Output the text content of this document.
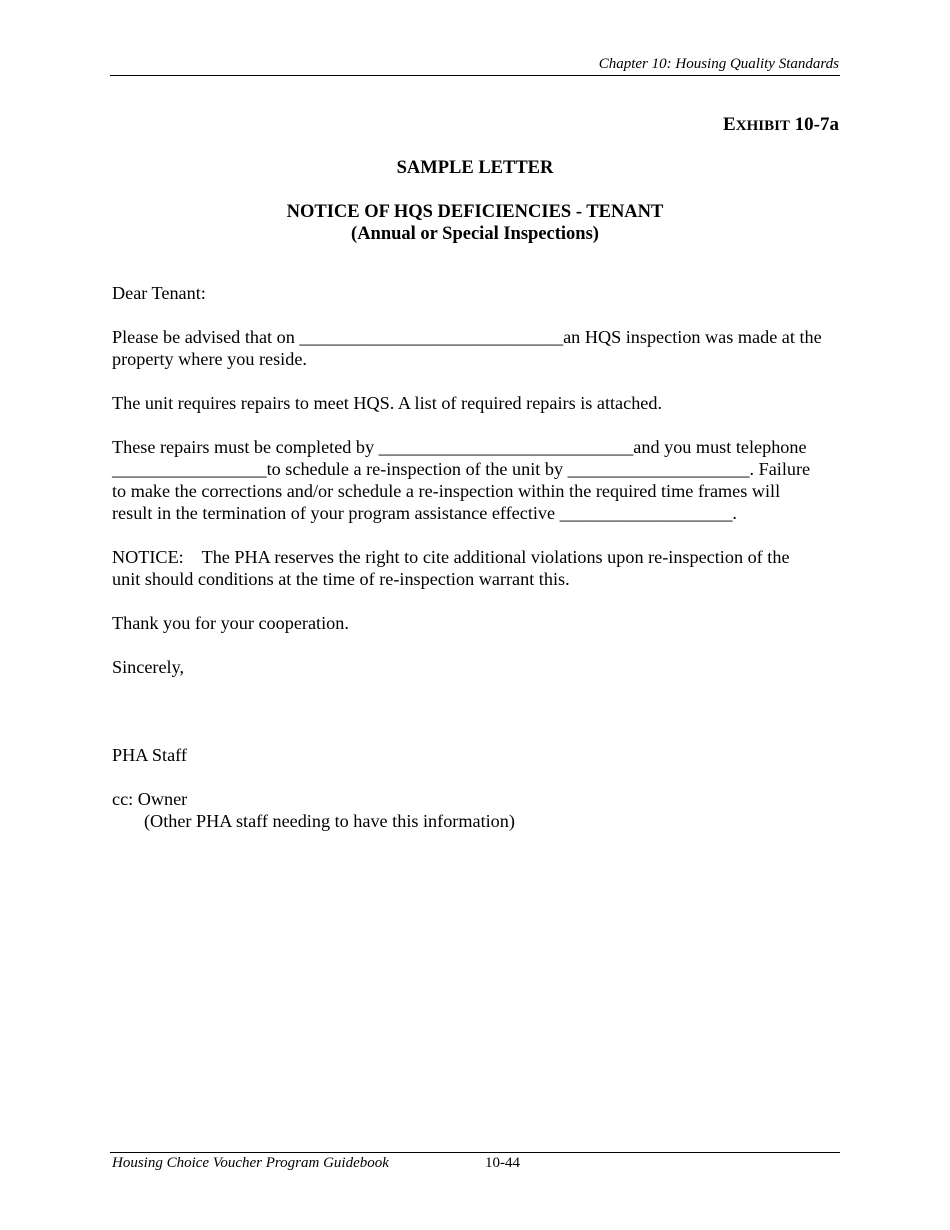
Chapter 10: Housing Quality Standards
EXHIBIT 10-7a
SAMPLE LETTER
NOTICE OF HQS DEFICIENCIES - TENANT
(Annual or Special Inspections)
Dear Tenant:
Please be advised that on _____________________________an HQS inspection was made at the
property where you reside.
The unit requires repairs to meet HQS. A list of required repairs is attached.
These repairs must be completed by ____________________________and you must telephone
_________________to schedule a re-inspection of the unit by ____________________. Failure
to make the corrections and/or schedule a re-inspection within the required time frames will
result in the termination of your program assistance effective ___________________.
NOTICE:    The PHA reserves the right to cite additional violations upon re-inspection of the
unit should conditions at the time of re-inspection warrant this.
Thank you for your cooperation.
Sincerely,
PHA Staff
cc: Owner
(Other PHA staff needing to have this information)
Housing Choice Voucher Program Guidebook	10-44
